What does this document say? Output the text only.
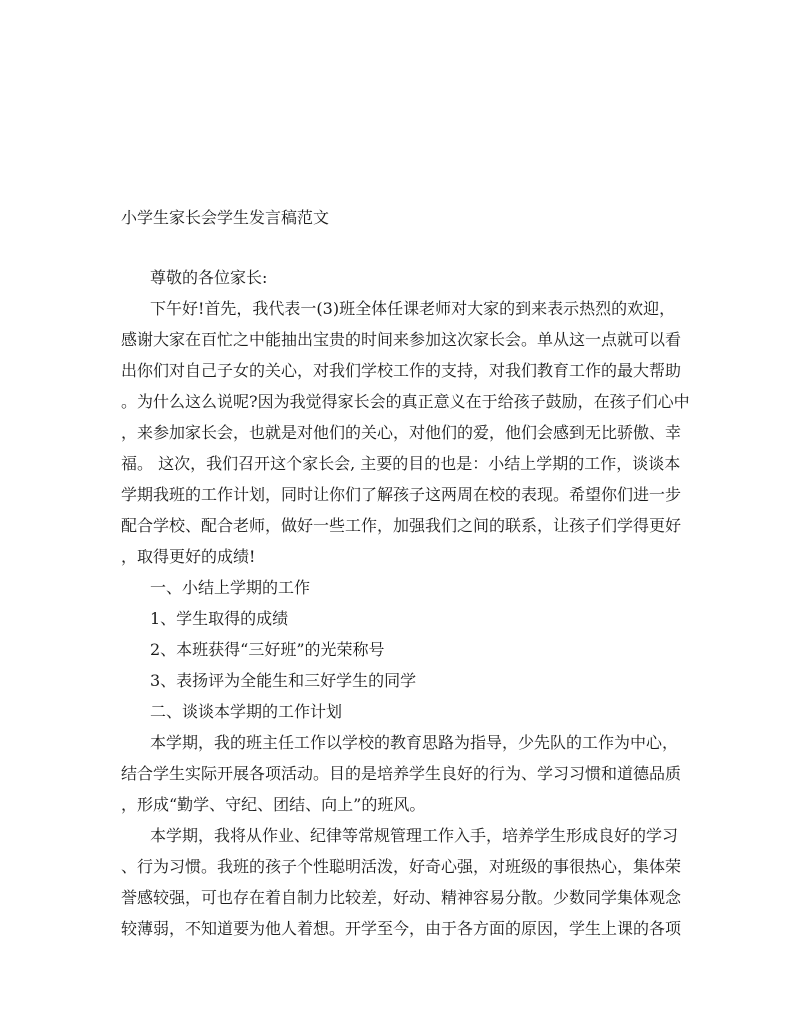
小学生家长会学生发言稿范文
尊敬的各位家长:
下午好!首先，我代表一(3)班全体任课老师对大家的到来表示热烈的欢迎，
感谢大家在百忙之中能抽出宝贵的时间来参加这次家长会。单从这一点就可以看
出你们对自己子女的关心，对我们学校工作的支持，对我们教育工作的最大帮助
。为什么这么说呢?因为我觉得家长会的真正意义在于给孩子鼓励，在孩子们心中
，来参加家长会，也就是对他们的关心，对他们的爱，他们会感到无比骄傲、幸
福。 这次，我们召开这个家长会, 主要的目的也是：小结上学期的工作，谈谈本
学期我班的工作计划，同时让你们了解孩子这两周在校的表现。希望你们进一步
配合学校、配合老师，做好一些工作，加强我们之间的联系，让孩子们学得更好
，取得更好的成绩!
一、小结上学期的工作
1、学生取得的成绩
2、本班获得“三好班”的光荣称号
3、表扬评为全能生和三好学生的同学
二、谈谈本学期的工作计划
本学期，我的班主任工作以学校的教育思路为指导，少先队的工作为中心，
结合学生实际开展各项活动。目的是培养学生良好的行为、学习习惯和道德品质
，形成“勤学、守纪、团结、向上”的班风。
本学期，我将从作业、纪律等常规管理工作入手，培养学生形成良好的学习
、行为习惯。我班的孩子个性聪明活泼，好奇心强，对班级的事很热心，集体荣
誉感较强，可也存在着自制力比较差，好动、精神容易分散。少数同学集体观念
较薄弱，不知道要为他人着想。开学至今，由于各方面的原因，学生上课的各项
